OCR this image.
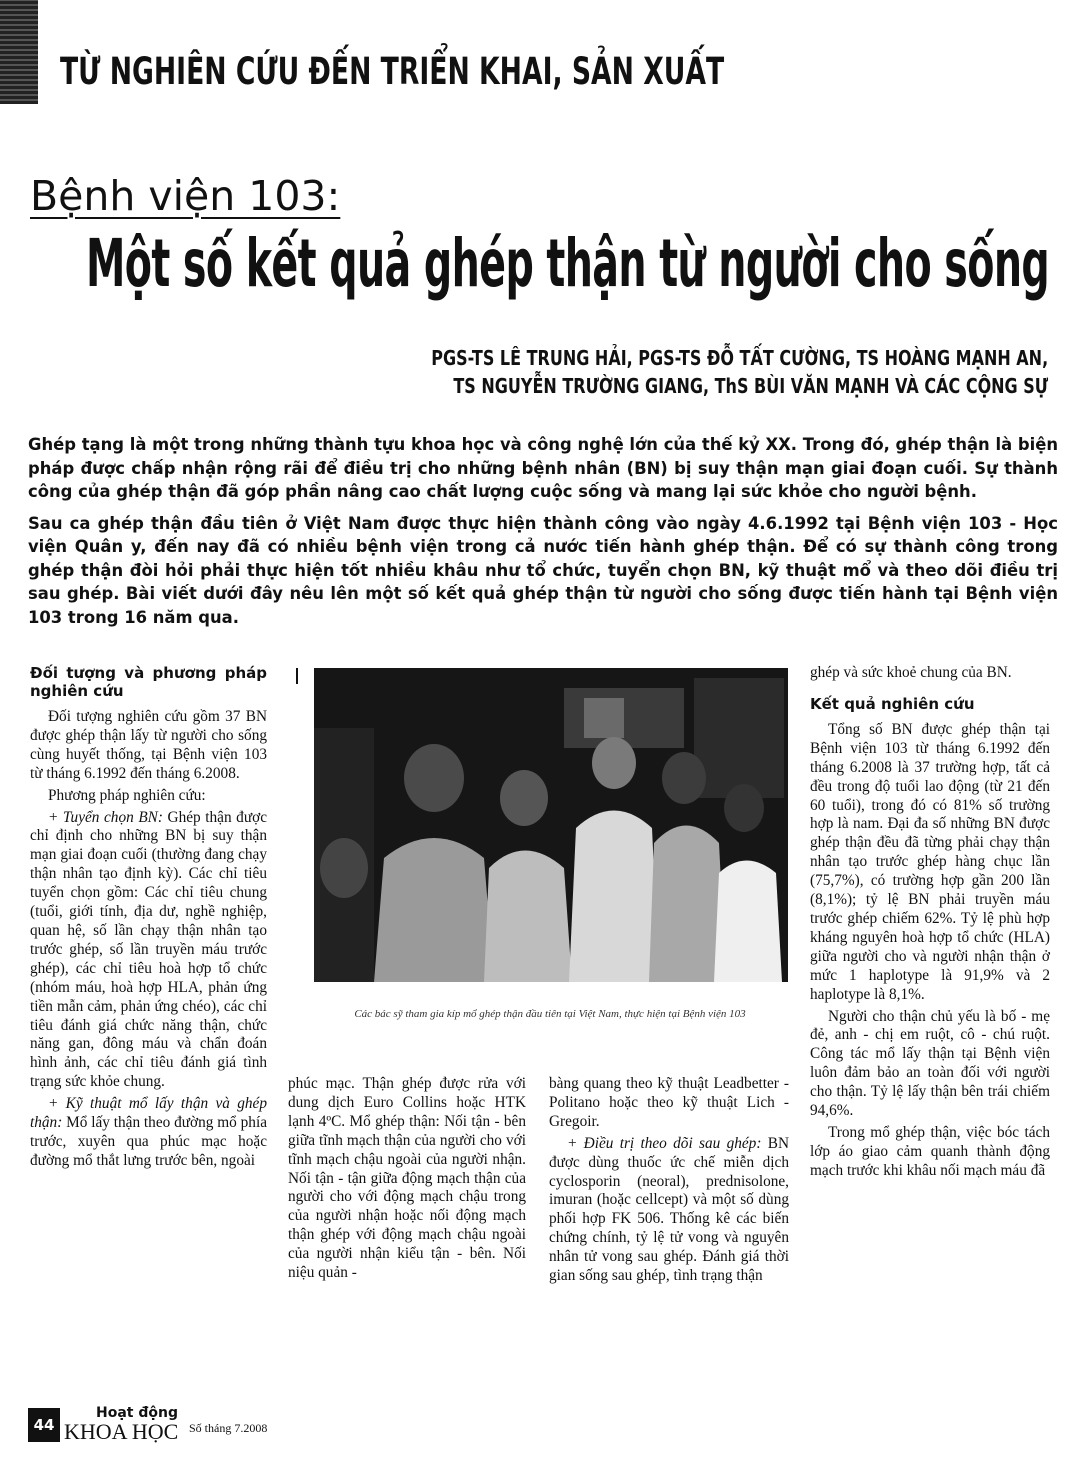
TỪ NGHIÊN CỨU ĐẾN TRIỂN KHAI, SẢN XUẤT
Bệnh viện 103:
Một số kết quả ghép thận từ người cho sống
PGS-TS LÊ TRUNG HẢI, PGS-TS ĐỖ TẤT CƯỜNG, TS HOÀNG MẠNH AN,
TS NGUYỄN TRƯỜNG GIANG, ThS BÙI VĂN MẠNH VÀ CÁC CỘNG SỰ

Ghép tạng là một trong những thành tựu khoa học và công nghệ lớn của thế kỷ XX. Trong đó, ghép thận là biện pháp được chấp nhận rộng rãi để điều trị cho những bệnh nhân (BN) bị suy thận mạn giai đoạn cuối. Sự thành công của ghép thận đã góp phần nâng cao chất lượng cuộc sống và mang lại sức khỏe cho người bệnh.

Sau ca ghép thận đầu tiên ở Việt Nam được thực hiện thành công vào ngày 4.6.1992 tại Bệnh viện 103 - Học viện Quân y, đến nay đã có nhiều bệnh viện trong cả nước tiến hành ghép thận. Để có sự thành công trong ghép thận đòi hỏi phải thực hiện tốt nhiều khâu như tổ chức, tuyển chọn BN, kỹ thuật mổ và theo dõi điều trị sau ghép. Bài viết dưới đây nêu lên một số kết quả ghép thận từ người cho sống được tiến hành tại Bệnh viện 103 trong 16 năm qua.

Đối tượng và phương pháp nghiên cứu

Đối tượng nghiên cứu gồm 37 BN được ghép thận lấy từ người cho sống cùng huyết thống, tại Bệnh viện 103 từ tháng 6.1992 đến tháng 6.2008.

Phương pháp nghiên cứu:

+ Tuyển chọn BN: Ghép thận được chỉ định cho những BN bị suy thận mạn giai đoạn cuối (thường đang chạy thận nhân tạo định kỳ). Các chỉ tiêu tuyển chọn gồm: Các chỉ tiêu chung (tuổi, giới tính, địa dư, nghề nghiệp, quan hệ, số lần chạy thận nhân tạo trước ghép, số lần truyền máu trước ghép), các chỉ tiêu hoà hợp tổ chức (nhóm máu, hoà hợp HLA, phản ứng tiền mẫn cảm, phản ứng chéo), các chỉ tiêu đánh giá chức năng thận, chức năng gan, đông máu và chẩn đoán hình ảnh, các chỉ tiêu đánh giá tình trạng sức khỏe chung.

+ Kỹ thuật mổ lấy thận và ghép thận: Mổ lấy thận theo đường mổ phía trước, xuyên qua phúc mạc hoặc đường mổ thắt lưng trước bên, ngoài

Các bác sỹ tham gia kíp mổ ghép thận đầu tiên tại Việt Nam, thực hiện tại Bệnh viện 103

phúc mạc. Thận ghép được rửa với dung dịch Euro Collins hoặc HTK lạnh 4ºC. Mổ ghép thận: Nối tận - bên giữa tĩnh mạch thận của người cho với tĩnh mạch chậu ngoài của người nhận. Nối tận - tận giữa động mạch thận của người cho với động mạch chậu trong của người nhận hoặc nối động mạch thận ghép với động mạch chậu ngoài của người nhận kiểu tận - bên. Nối niệu quản -

bàng quang theo kỹ thuật Leadbetter - Politano hoặc theo kỹ thuật Lich - Gregoir.

+ Điều trị theo dõi sau ghép: BN được dùng thuốc ức chế miễn dịch cyclosporin (neoral), prednisolone, imuran (hoặc cellcept) và một số dùng phối hợp FK 506. Thống kê các biến chứng chính, tỷ lệ tử vong và nguyên nhân tử vong sau ghép. Đánh giá thời gian sống sau ghép, tình trạng thận

ghép và sức khoẻ chung của BN.

Kết quả nghiên cứu

Tổng số BN được ghép thận tại Bệnh viện 103 từ tháng 6.1992 đến tháng 6.2008 là 37 trường hợp, tất cả đều trong độ tuổi lao động (từ 21 đến 60 tuổi), trong đó có 81% số trường hợp là nam. Đại đa số những BN được ghép thận đều đã từng phải chạy thận nhân tạo trước ghép hàng chục lần (75,7%), có trường hợp gần 200 lần (8,1%); tỷ lệ BN phải truyền máu trước ghép chiếm 62%. Tỷ lệ phù hợp kháng nguyên hoà hợp tổ chức (HLA) giữa người cho và người nhận thận ở mức 1 haplotype là 91,9% và 2 haplotype là 8,1%.

Người cho thận chủ yếu là bố - mẹ đẻ, anh - chị em ruột, cô - chú ruột. Công tác mổ lấy thận tại Bệnh viện luôn đảm bảo an toàn đối với người cho thận. Tỷ lệ lấy thận bên trái chiếm 94,6%.

Trong mổ ghép thận, việc bóc tách lớp áo giao cảm quanh thành động mạch trước khi khâu nối mạch máu đã

44
Hoạt động
KHOA HỌC Số tháng 7.2008
